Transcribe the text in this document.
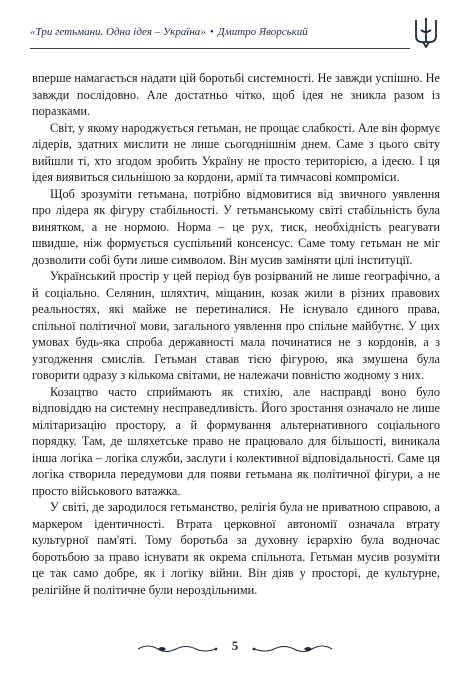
«Три гетьмани. Одна ідея – Україна» • Дмитро Яворський

вперше намагається надати цій боротьбі системності. Не завжди успішно. Не завжди послідовно. Але достатньо чітко, щоб ідея не зникла разом із поразками.

Світ, у якому народжується гетьман, не прощає слабкості. Але він формує лідерів, здатних мислити не лише сьогоднішнім днем. Саме з цього світу вийшли ті, хто згодом зробить Україну не просто територією, а ідеєю. І ця ідея виявиться сильнішою за кордони, армії та тимчасові компроміси.

Щоб зрозуміти гетьмана, потрібно відмовитися від звичного уявлення про лідера як фігуру стабільності. У гетьманському світі стабільність була винятком, а не нормою. Норма – це рух, тиск, необхідність реагувати швидше, ніж формується суспільний консенсус. Саме тому гетьман не міг дозволити собі бути лише символом. Він мусив заміняти цілі інституції.

Український простір у цей період був розірваний не лише географічно, а й соціально. Селянин, шляхтич, міщанин, козак жили в різних правових реальностях, які майже не перетиналися. Не існувало єдиного права, спільної політичної мови, загального уявлення про спільне майбутнє. У цих умовах будь-яка спроба державності мала починатися не з кордонів, а з узгодження смислів. Гетьман ставав тією фігурою, яка змушена була говорити одразу з кількома світами, не належачи повністю жодному з них.

Козацтво часто сприймають як стихію, але насправді воно було відповіддю на системну несправедливість. Його зростання означало не лише мілітаризацію простору, а й формування альтернативного соціального порядку. Там, де шляхетське право не працювало для більшості, виникала інша логіка – логіка служби, заслуги і колективної відповідальності. Саме ця логіка створила передумови для появи гетьмана як політичної фігури, а не просто військового ватажка.

У світі, де зародилося гетьманство, релігія була не приватною справою, а маркером ідентичності. Втрата церковної автономії означала втрату культурної пам'яті. Тому боротьба за духовну ієрархію була водночас боротьбою за право існувати як окрема спільнота. Гетьман мусив розуміти це так само добре, як і логіку війни. Він діяв у просторі, де культурне, релігійне й політичне були нероздільними.

5
